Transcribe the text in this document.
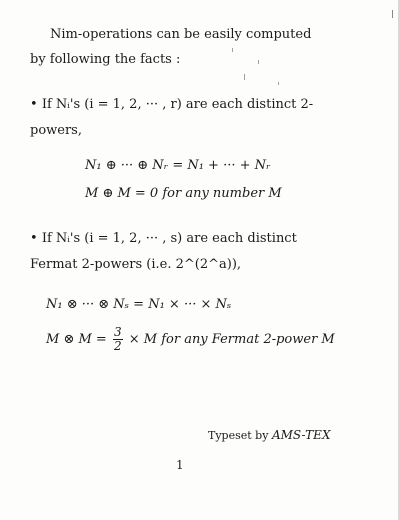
Nim-operations can be easily computed by following the facts :
• If Nᵢ's (i = 1, 2, ··· , r) are each distinct 2-powers,
N₁ ⊕ ··· ⊕ Nᵣ = N₁ + ··· + Nᵣ
M ⊕ M = 0 for any number M
• If Nᵢ's (i = 1, 2, ··· , s) are each distinct Fermat 2-powers (i.e. 2^(2^a)),
N₁ ⊗ ··· ⊗ Nₛ = N₁ × ··· × Nₛ
M ⊗ $M = \frac{3}{2} \times M$ for any Fermat 2-power M
Typeset by AMS-TEX
1
